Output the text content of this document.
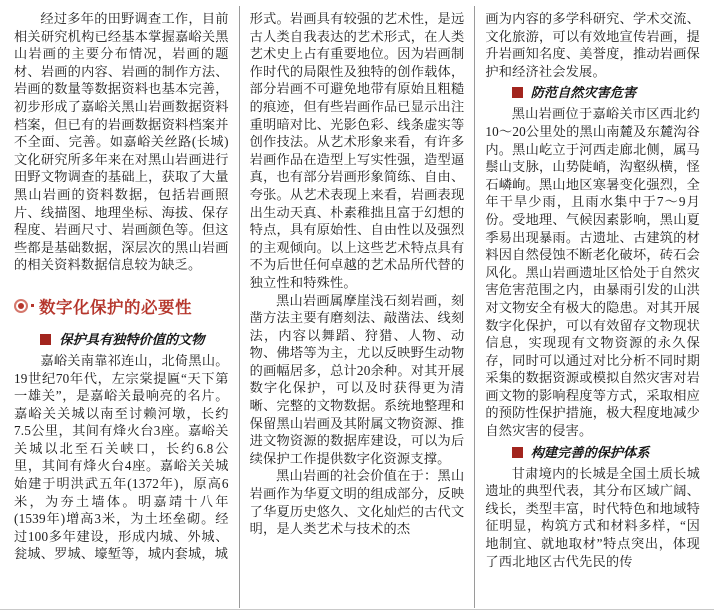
经过多年的田野调查工作，目前相关研究机构已经基本掌握嘉峪关黑山岩画的主要分布情况，岩画的题材、岩画的内容、岩画的制作方法、岩画的数量等数据资料也基本完善，初步形成了嘉峪关黑山岩画数据资料档案，但已有的岩画数据资料档案并不全面、完善。如嘉峪关丝路(长城)文化研究所多年来在对黑山岩画进行田野文物调查的基础上，获取了大量黑山岩画的资料数据，包括岩画照片、线描图、地理坐标、海拔、保存程度、岩画尺寸、岩画颜色等。但这些都是基础数据，深层次的黑山岩画的相关资料数据信息较为缺乏。

数字化保护的必要性
保护具有独特价值的文物

嘉峪关南靠祁连山，北倚黑山。19世纪70年代，左宗棠提匾“天下第一雄关”，是嘉峪关最响亮的名片。嘉峪关关城以南至讨赖河墩，长约7.5公里，其间有烽火台3座。嘉峪关关城以北至石关峡口，长约6.8公里，其间有烽火台4座。嘉峪关关城始建于明洪武五年(1372年)，原高6米，为夯土墙体。明嘉靖十八年(1539年)增高3米，为土坯垒砌。经过100多年建设，形成内城、外城、瓮城、罗城、壕堑等，城内套城，城

形式。岩画具有较强的艺术性，是远古人类自我表达的艺术形式，在人类艺术史上占有重要地位。因为岩画制作时代的局限性及独特的创作载体，部分岩画不可避免地带有原始且粗糙的痕迹，但有些岩画作品已显示出注重明暗对比、光影色彩、线条虚实等创作技法。从艺术形象来看，有许多岩画作品在造型上写实性强，造型逼真，也有部分岩画形象简练、自由、夸张。从艺术表现上来看，岩画表现出生动天真、朴素稚拙且富于幻想的特点，具有原始性、自由性以及强烈的主观倾向。以上这些艺术特点具有不为后世任何卓越的艺术品所代替的独立性和特殊性。

黑山岩画属摩崖浅石刻岩画，刻凿方法主要有磨刻法、敲凿法、线刻法，内容以舞蹈、狩猎、人物、动物、佛塔等为主，尤以反映野生动物的画幅居多，总计20余种。对其开展数字化保护，可以及时获得更为清晰、完整的文物数据。系统地整理和保留黑山岩画及其附属文物资源、推进文物资源的数据库建设，可以为后续保护工作提供数字化资源支撑。

黑山岩画的社会价值在于：黑山岩画作为华夏文明的组成部分，反映了华夏历史悠久、文化灿烂的古代文明，是人类艺术与技术的杰

画为内容的多学科研究、学术交流、文化旅游，可以有效地宣传岩画，提升岩画知名度、美誉度，推动岩画保护和经济社会发展。

防范自然灾害危害

黑山岩画位于嘉峪关市区西北约10～20公里处的黑山南麓及东麓沟谷内。黑山屹立于河西走廊北侧，属马鬃山支脉，山势陡峭，沟壑纵横，怪石嶙峋。黑山地区寒暑变化强烈，全年干旱少雨，且雨水集中于7～9月份。受地理、气候因素影响，黑山夏季易出现暴雨。古遗址、古建筑的材料因自然侵蚀不断老化破坏，砖石会风化。黑山岩画遗址区恰处于自然灾害危害范围之内，由暴雨引发的山洪对文物安全有极大的隐患。对其开展数字化保护，可以有效留存文物现状信息，实现现有文物资源的永久保存，同时可以通过对比分析不同时期采集的数据资源或模拟自然灾害对岩画文物的影响程度等方式，采取相应的预防性保护措施，极大程度地减少自然灾害的侵害。

构建完善的保护体系

甘肃境内的长城是全国土质长城遗址的典型代表，其分布区域广阔、线长，类型丰富，时代特色和地域特征明显，构筑方式和材料多样，“因地制宜、就地取材”特点突出，体现了西北地区古代先民的传
